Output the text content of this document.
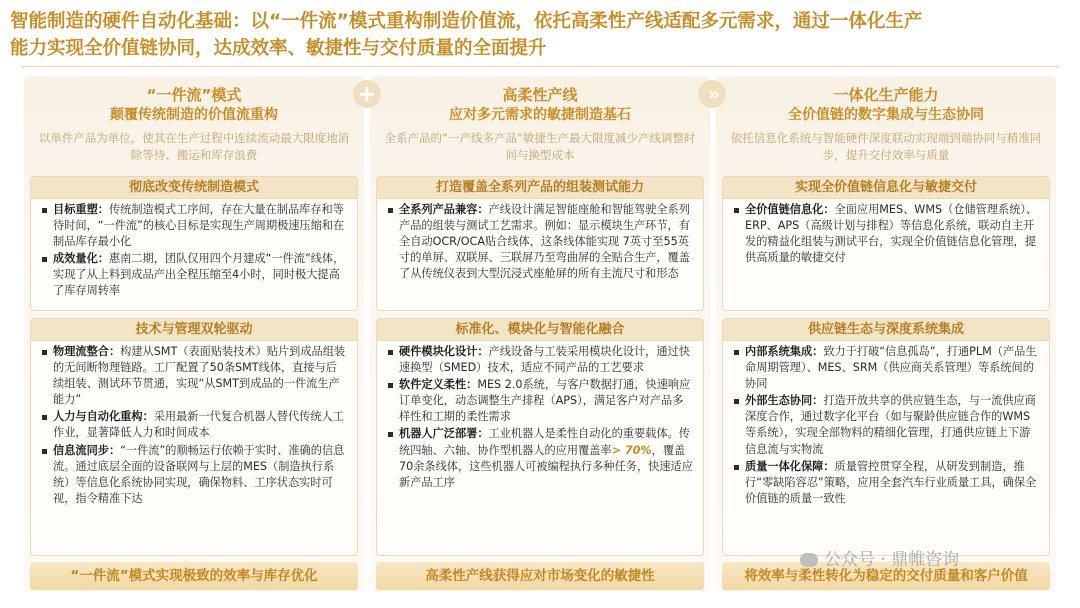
智能制造的硬件自动化基础：以“一件流”模式重构制造价值流，依托高柔性产线适配多元需求，通过一体化生产
能力实现全价值链协同，达成效率、敏捷性与交付质量的全面提升
“一件流”模式
颠覆传统制造的价值流重构
以单件产品为单位，使其在生产过程中连续流动最大限度地消除等待、搬运和库存浪费
彻底改变传统制造模式
目标重塑：传统制造模式工序间，存在大量在制品库存和等待时间，“一件流”的核心目标是实现生产周期极速压缩和在制品库存最小化
成效量化：惠南二期，团队仅用四个月建成“一件流”线体，实现了从上料到成品产出全程压缩至4小时，同时极大提高了库存周转率
技术与管理双轮驱动
物理流整合：构建从SMT（表面贴装技术）贴片到成品组装的无间断物理链路。工厂配置了50条SMT线体，直接与后续组装、测试环节贯通，实现“从SMT到成品的一件流生产能力”
人力与自动化重构：采用最新一代复合机器人替代传统人工作业，显著降低人力和时间成本
信息流同步：“一件流”的顺畅运行依赖于实时、准确的信息流。通过底层全面的设备联网与上层的MES（制造执行系统）等信息化系统协同实现，确保物料、工序状态实时可视，指令精准下达
高柔性产线
应对多元需求的敏捷制造基石
全系产品的“一产线多产品”敏捷生产最大限度减少产线调整时间与换型成本
打造覆盖全系列产品的组装测试能力
全系列产品兼容：产线设计满足智能座舱和智能驾驶全系列产品的组装与测试工艺需求。例如：显示模块生产环节，有全自动OCR/OCA贴合线体，这条线体能实现 7英寸至55英寸的单屏、双联屏、三联屏乃至弯曲屏的全贴合生产，覆盖了从传统仪表到大型沉浸式座舱屏的所有主流尺寸和形态
标准化、模块化与智能化融合
硬件模块化设计：产线设备与工装采用模块化设计，通过快速换型（SMED）技术，适应不同产品的工艺要求
软件定义柔性：MES 2.0系统，与客户数据打通，快速响应订单变化，动态调整生产排程（APS），满足客户对产品多样性和工期的柔性需求
机器人广泛部署：工业机器人是柔性自动化的重要载体。传统四轴、六轴、协作型机器人的应用覆盖率> 70%，覆盖70余条线体，这些机器人可被编程执行多种任务，快速适应新产品工序
一体化生产能力
全价值链的数字集成与生态协同
依托信息化系统与智能硬件深度联动实现端到端协同与精准同步，提升交付效率与质量
实现全价值链信息化与敏捷交付
全价值链信息化：全面应用MES、WMS（仓储管理系统）、ERP、APS（高级计划与排程）等信息化系统，联动自主开发的精益化组装与测试平台，实现全价值链信息化管理，提供高质量的敏捷交付
供应链生态与深度系统集成
内部系统集成：致力于打破“信息孤岛”，打通PLM（产品生命周期管理）、MES、SRM（供应商关系管理）等系统间的协同
外部生态协同：打造开放共享的供应链生态，与一流供应商深度合作，通过数字化平台（如与聚龄供应链合作的WMS等系统），实现全部物料的精细化管理，打通供应链上下游信息流与实物流
质量一体化保障：质量管控贯穿全程，从研发到制造，推行“零缺陷容忍”策略，应用全套汽车行业质量工具，确保全价值链的质量一致性
+	»
“一件流”模式实现极致的效率与库存优化	高柔性产线获得应对市场变化的敏捷性	将效率与柔性转化为稳定的交付质量和客户价值
公众号 · 鼎帷咨询
